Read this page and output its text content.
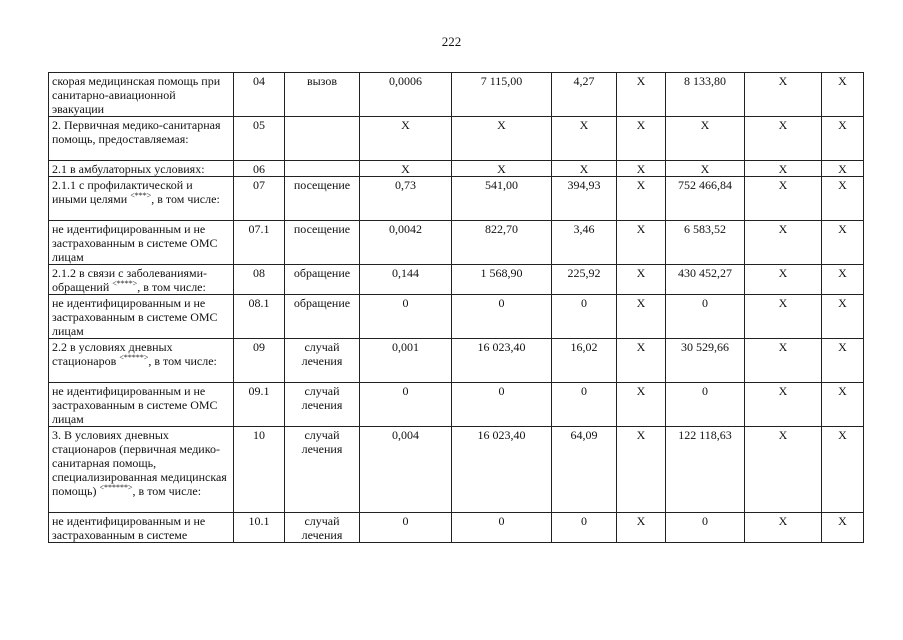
222
скорая медицинская помощь при санитарно-авиационной эвакуации	04	вызов	0,0006	7 115,00	4,27	X	8 133,80	X	X
2. Первичная медико-санитарная помощь, предоставляемая:	05		X	X	X	X	X	X	X
2.1 в амбулаторных условиях:	06		X	X	X	X	X	X	X
2.1.1 с профилактической и иными целями <***>, в том числе:	07	посещение	0,73	541,00	394,93	X	752 466,84	X	X
не идентифицированным и не застрахованным в системе ОМС лицам	07.1	посещение	0,0042	822,70	3,46	X	6 583,52	X	X
2.1.2 в связи с заболеваниями-обращений <****>, в том числе:	08	обращение	0,144	1 568,90	225,92	X	430 452,27	X	X
не идентифицированным и не застрахованным в системе ОМС лицам	08.1	обращение	0	0	0	X	0	X	X
2.2 в условиях дневных стационаров <*****>, в том числе:	09	случай лечения	0,001	16 023,40	16,02	X	30 529,66	X	X
не идентифицированным и не застрахованным в системе ОМС лицам	09.1	случай лечения	0	0	0	X	0	X	X
3. В условиях дневных стационаров (первичная медико-санитарная помощь, специализированная медицинская помощь) <******>, в том числе:	10	случай лечения	0,004	16 023,40	64,09	X	122 118,63	X	X
не идентифицированным и не застрахованным в системе	10.1	случай лечения	0	0	0	X	0	X	X
